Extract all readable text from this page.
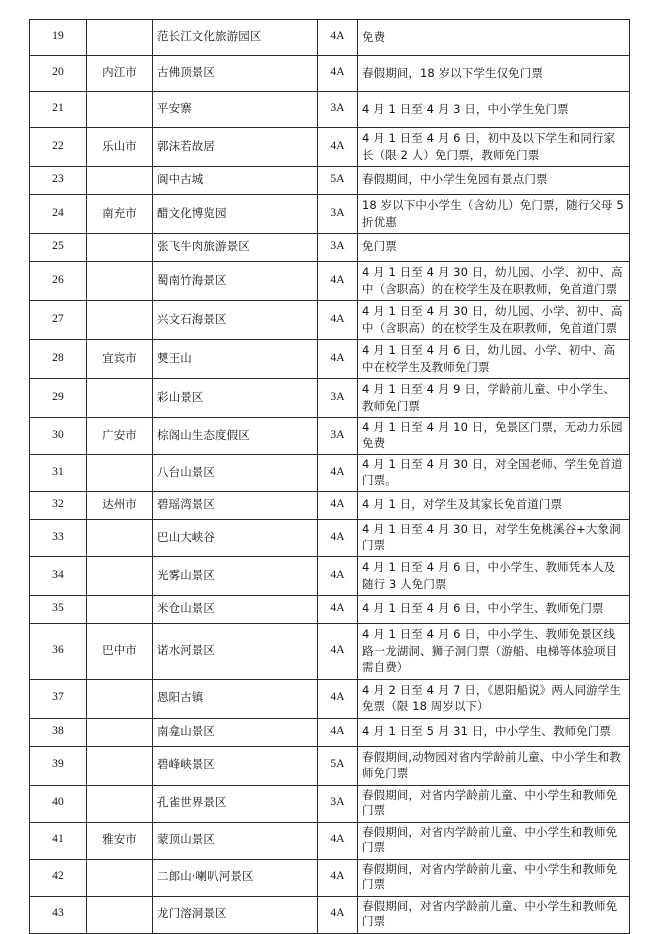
19		范长江文化旅游园区	4A	免费
20	内江市	古佛顶景区	4A	春假期间，18 岁以下学生仅免门票
21		平安寨	3A	4 月 1 日至 4 月 3 日，中小学生免门票
22	乐山市	郭沫若故居	4A	4 月 1 日至 4 月 6 日，初中及以下学生和同行家长（限 2 人）免门票，教师免门票
23		阆中古城	5A	春假期间，中小学生免园有景点门票
24	南充市	醋文化博览园	3A	18 岁以下中小学生（含幼儿）免门票，随行父母 5 折优惠
25		张飞牛肉旅游景区	3A	免门票
26		蜀南竹海景区	4A	4 月 1 日至 4 月 30 日，幼儿园、小学、初中、高中（含职高）的在校学生及在职教师，免首道门票
27		兴文石海景区	4A	4 月 1 日至 4 月 30 日，幼儿园、小学、初中、高中（含职高）的在校学生及在职教师，免首道门票
28	宜宾市	僰王山	4A	4 月 1 日至 4 月 6 日，幼儿园、小学、初中、高中在校学生及教师免门票
29		彩山景区	3A	4 月 1 日至 4 月 9 日，学龄前儿童、中小学生、教师免门票
30	广安市	棕阁山生态度假区	3A	4 月 1 日至 4 月 10 日，免景区门票，无动力乐园免费
31		八台山景区	4A	4 月 1 日至 4 月 30 日，对全国老师、学生免首道门票。
32	达州市	碧瑶湾景区	4A	4 月 1 日，对学生及其家长免首道门票
33		巴山大峡谷	4A	4 月 1 日至 4 月 30 日，对学生免桃溪谷+大象洞门票
34		光雾山景区	4A	4 月 1 日至 4 月 6 日，中小学生、教师凭本人及随行 3 人免门票
35		米仓山景区	4A	4 月 1 日至 4 月 6 日，中小学生、教师免门票
36	巴中市	诺水河景区	4A	4 月 1 日至 4 月 6 日，中小学生、教师免景区线路一龙湖洞、狮子洞门票（游船、电梯等体验项目需自费）
37		恩阳古镇	4A	4 月 2 日至 4 月 7 日，《恩阳船说》两人同游学生免票（限 18 周岁以下）
38		南龛山景区	4A	4 月 1 日至 5 月 31 日，中小学生、教师免门票
39		碧峰峡景区	5A	春假期间,动物园对省内学龄前儿童、中小学生和教师免门票
40		孔雀世界景区	3A	春假期间，对省内学龄前儿童、中小学生和教师免门票
41	雅安市	蒙顶山景区	4A	春假期间，对省内学龄前儿童、中小学生和教师免门票
42		二郎山·喇叭河景区	4A	春假期间，对省内学龄前儿童、中小学生和教师免门票
43		龙门溶洞景区	4A	春假期间，对省内学龄前儿童、中小学生和教师免门票
